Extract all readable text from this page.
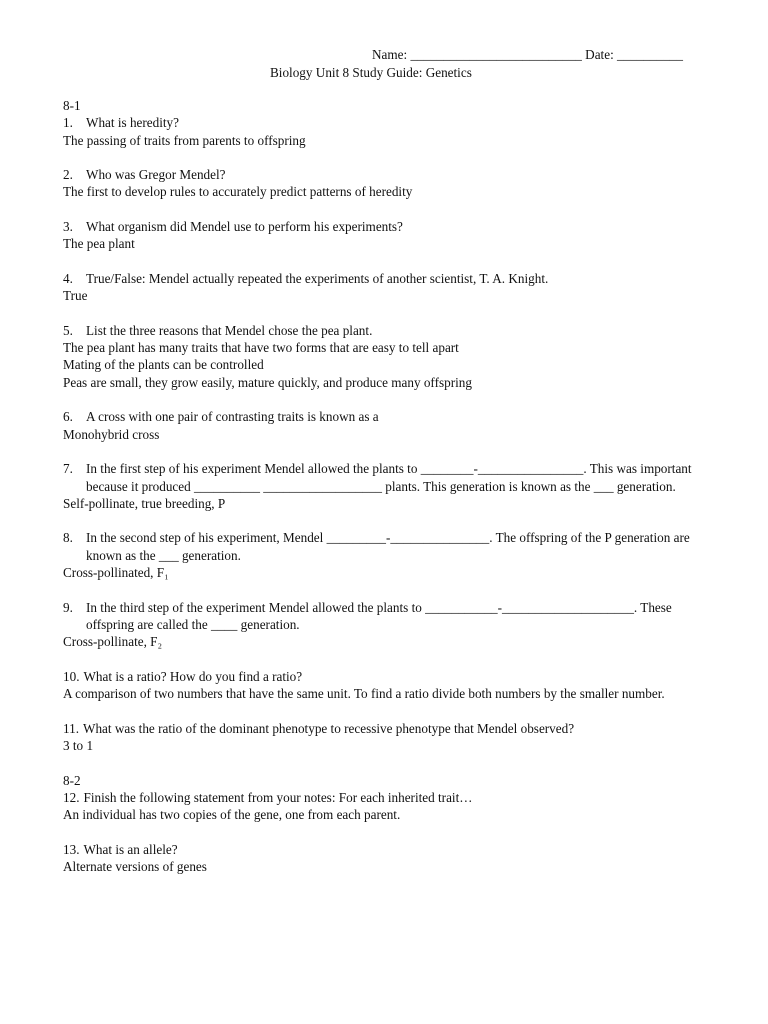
Name: __________________________ Date: __________
Biology Unit 8 Study Guide: Genetics
8-1
1. What is heredity?
The passing of traits from parents to offspring
2. Who was Gregor Mendel?
The first to develop rules to accurately predict patterns of heredity
3. What organism did Mendel use to perform his experiments?
The pea plant
4. True/False: Mendel actually repeated the experiments of another scientist, T. A. Knight.
True
5. List the three reasons that Mendel chose the pea plant.
The pea plant has many traits that have two forms that are easy to tell apart
Mating of the plants can be controlled
Peas are small, they grow easily, mature quickly, and produce many offspring
6. A cross with one pair of contrasting traits is known as a
Monohybrid cross
7. In the first step of his experiment Mendel allowed the plants to ________-________________. This was important because it produced __________ __________________ plants. This generation is known as the ___ generation.
Self-pollinate, true breeding, P
8. In the second step of his experiment, Mendel _________-_______________. The offspring of the P generation are known as the ___ generation.
Cross-pollinated, F₁
9. In the third step of the experiment Mendel allowed the plants to ___________-____________________. These offspring are called the ____ generation.
Cross-pollinate, F₂
10. What is a ratio? How do you find a ratio?
A comparison of two numbers that have the same unit. To find a ratio divide both numbers by the smaller number.
11. What was the ratio of the dominant phenotype to recessive phenotype that Mendel observed?
3 to 1
8-2
12. Finish the following statement from your notes: For each inherited trait…
An individual has two copies of the gene, one from each parent.
13. What is an allele?
Alternate versions of genes
